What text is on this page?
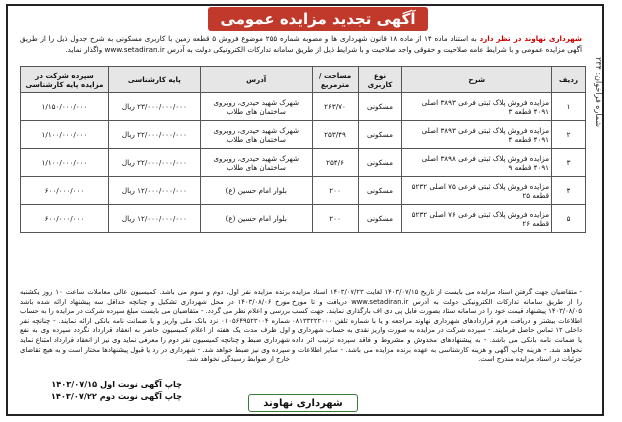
آگهی تجدید مزایده عمومی
شماره فراخوان: ۲۳۴
شهرداری نهاوند در نظر دارد به استناد ماده ۱۴ از ماده ۱۸ قانون شهرداری ها و مصوبه شماره ۲۵۵ موضوع فروش ۵ قطعه زمین با کاربری مسکونی به شرح جدول ذیل را از طریق آگهی مزایده عمومی و با شرایط عامه صلاحیت و حقوقی واجد صلاحیت و با شرایط ذیل از طریق سامانه تدارکات الکترونیکی دولت به آدرس www.setadiran.ir واگذار نماید.
ردیف	شرح	نوع کاربری	مساحت / مترمربع	آدرس	پایه کارشناسی	سپرده شرکت در مزایده پایه کارشناسی
۱	مزایده فروش پلاک ثبتی فرعی ۳۸۹۳ اصلی ۴۰۹۱ قطعه ۳	مسکونی	۲۶۳/۷۰	شهرک شهید حیدری، روبروی ساختمان های طلاب	۲۳/۰۰۰/۰۰۰/۰۰۰ ریال	۱/۱۵۰/۰۰۰/۰۰۰
۲	مزایده فروش پلاک ثبتی فرعی ۳۸۹۳ اصلی ۴۰۹۱ قطعه ۴	مسکونی	۲۵۳/۴۹	شهرک شهید حیدری، روبروی ساختمان های طلاب	۲۲/۰۰۰/۰۰۰/۰۰۰ ریال	۱/۱۰۰/۰۰۰/۰۰۰
۳	مزایده فروش پلاک ثبتی فرعی ۳۸۹۸ اصلی ۴۰۹۱ قطعه ۹	مسکونی	۲۵۴/۶	شهرک شهید حیدری، روبروی ساختمان های طلاب	۲۲/۰۰۰/۰۰۰/۰۰۰ ریال	۱/۱۰۰/۰۰۰/۰۰۰
۴	مزایده فروش پلاک ثبتی فرعی ۷۵ اصلی ۵۲۳۲ قطعه ۲۵	مسکونی	۲۰۰	بلوار امام حسین (ع)	۱۲/۰۰۰/۰۰۰/۰۰۰ ریال	۶۰۰/۰۰۰/۰۰۰
۵	مزایده فروش پلاک ثبتی فرعی ۷۶ اصلی ۵۲۳۲ قطعه ۲۶	مسکونی	۲۰۰	بلوار امام حسین (ع)	۱۲/۰۰۰/۰۰۰/۰۰۰ ریال	۶۰۰/۰۰۰/۰۰۰
- متقاضیان جهت گرفتن اسناد مزایده می بایست از تاریخ ۱۴۰۳/۰۷/۱۵ لغایت ۱۴۰۳/۰۷/۲۳ اسناد مزایده را از طریق سامانه تدارکات الکترونیکی دولت به آدرس www.setadiran.ir دریافت و تا مورخ ۱۴۰۳/۰۸/۰۵ پیشنهاد قیمت خود را در سامانه ستاد بصورت فایل پی دی اف بارگذاری نمایند. جهت کسب اطلاعات بیشتر و دریافت فرم قراردادهای شهرداری نهاوند مراجعه و یا با شماره تلفن ۰۸۱۳۳۲۲۲۰۰۰ داخلی ۱۲ تماس حاصل فرمایند. - سپرده شرکت در مزایده به صورت واریز نقدی به حساب شهرداری و یا ضمانت نامه بانکی می باشد. - به پیشنهادهای مخدوش و مشروط و فاقد سپرده ترتیب اثر داده نخواهد شد. - هزینه چاپ آگهی و هزینه کارشناسی به عهده برنده مزایده می باشد. - سایر اطلاعات و جزئیات در اسناد مزایده مندرج است.
برنده مزایده نفر اول، دوم و سوم می باشد. کمیسیون عالی معاملات ساعت ۱۰ روز یکشنبه مورخ ۱۴۰۳/۰۸/۰۶ در محل شهرداری تشکیل و چنانچه حداقل سه پیشنهاد ارائه شده باشد بررسی و اعلام نظر می گردد. - متقاضیان می بایست مبلغ سپرده شرکت در مزایده را به حساب شماره ۰۱۰۵۶۴۹۵۲۳۰۰۴ نزد بانک ملی واریز و یا ضمانت نامه بانکی ارائه نمایند. - چنانچه نفر اول ظرف مدت یک هفته از اعلام کمیسیون حاضر به انعقاد قرارداد نگردد سپرده وی به نفع شهرداری ضبط و چنانچه کمیسیون نفر دوم را معرفی نماید وی نیز از انعقاد قرارداد امتناع نماید سپرده وی نیز ضبط خواهد شد. - شهرداری در رد یا قبول پیشنهادها مختار است و به هیچ تقاضای خارج از ضوابط رسیدگی نخواهد شد.
چاپ آگهی نوبت اول ۱۴۰۳/۰۷/۱۵
چاپ آگهی نوبت دوم ۱۴۰۳/۰۷/۲۲
شهرداری نهاوند
